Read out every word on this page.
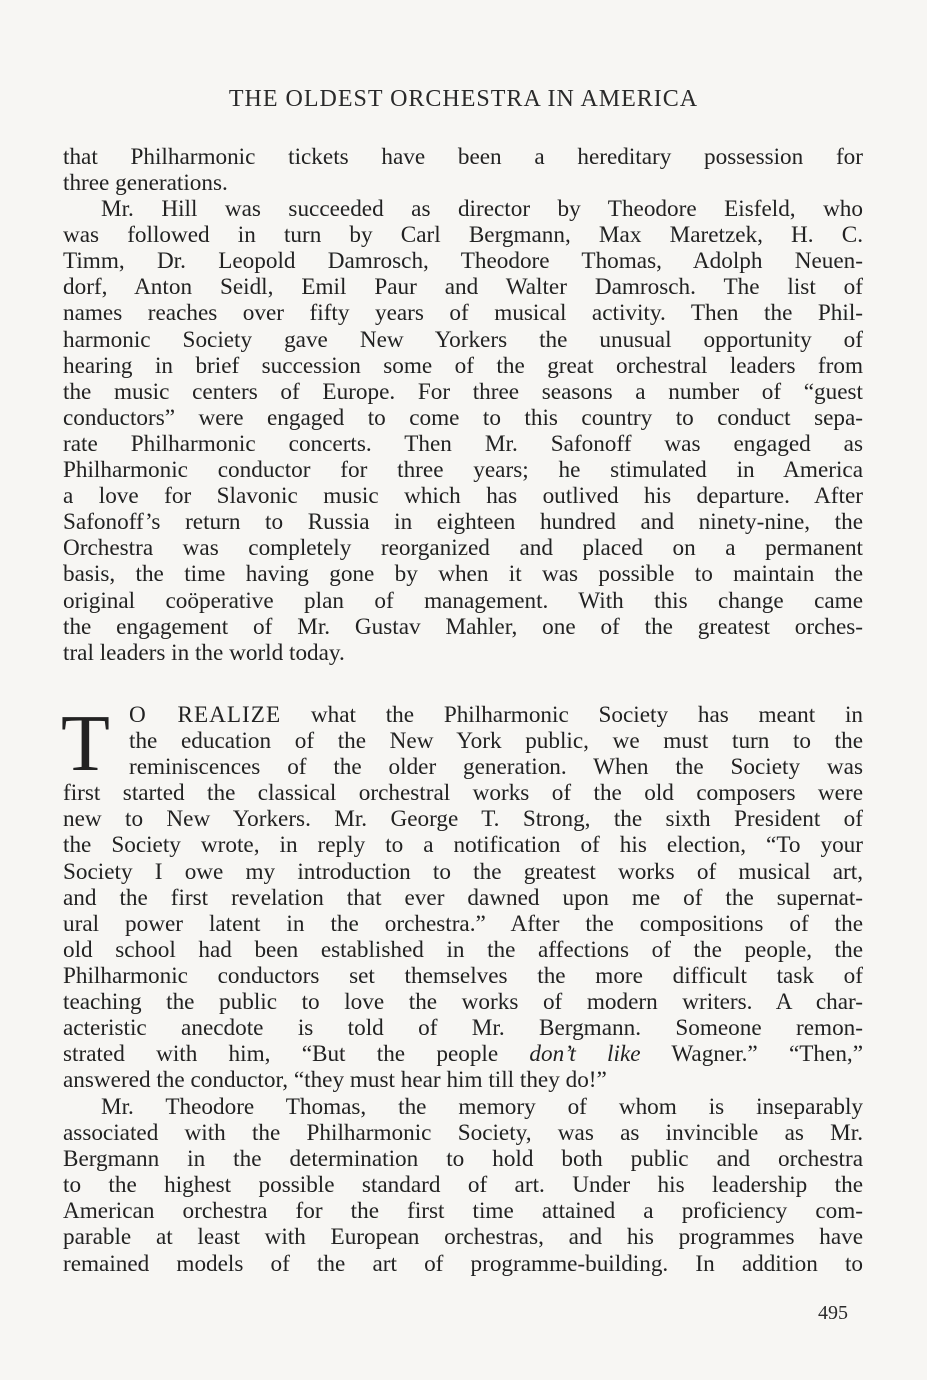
THE OLDEST ORCHESTRA IN AMERICA
that Philharmonic tickets have been a hereditary possession for
three generations.
Mr. Hill was succeeded as director by Theodore Eisfeld, who
was followed in turn by Carl Bergmann, Max Maretzek, H. C.
Timm, Dr. Leopold Damrosch, Theodore Thomas, Adolph Neuen-
dorf, Anton Seidl, Emil Paur and Walter Damrosch. The list of
names reaches over fifty years of musical activity. Then the Phil-
harmonic Society gave New Yorkers the unusual opportunity of
hearing in brief succession some of the great orchestral leaders from
the music centers of Europe. For three seasons a number of “guest
conductors” were engaged to come to this country to conduct sepa-
rate Philharmonic concerts. Then Mr. Safonoff was engaged as
Philharmonic conductor for three years; he stimulated in America
a love for Slavonic music which has outlived his departure. After
Safonoff’s return to Russia in eighteen hundred and ninety-nine, the
Orchestra was completely reorganized and placed on a permanent
basis, the time having gone by when it was possible to maintain the
original coöperative plan of management. With this change came
the engagement of Mr. Gustav Mahler, one of the greatest orches-
tral leaders in the world today.
T O REALIZE what the Philharmonic Society has meant in
the education of the New York public, we must turn to the
reminiscences of the older generation. When the Society was
first started the classical orchestral works of the old composers were
new to New Yorkers. Mr. George T. Strong, the sixth President of
the Society wrote, in reply to a notification of his election, “To your
Society I owe my introduction to the greatest works of musical art,
and the first revelation that ever dawned upon me of the supernat-
ural power latent in the orchestra.” After the compositions of the
old school had been established in the affections of the people, the
Philharmonic conductors set themselves the more difficult task of
teaching the public to love the works of modern writers. A char-
acteristic anecdote is told of Mr. Bergmann. Someone remon-
strated with him, “But the people don’t like Wagner.” “Then,”
answered the conductor, “they must hear him till they do!”
Mr. Theodore Thomas, the memory of whom is inseparably
associated with the Philharmonic Society, was as invincible as Mr.
Bergmann in the determination to hold both public and orchestra
to the highest possible standard of art. Under his leadership the
American orchestra for the first time attained a proficiency com-
parable at least with European orchestras, and his programmes have
remained models of the art of programme-building. In addition to
495
